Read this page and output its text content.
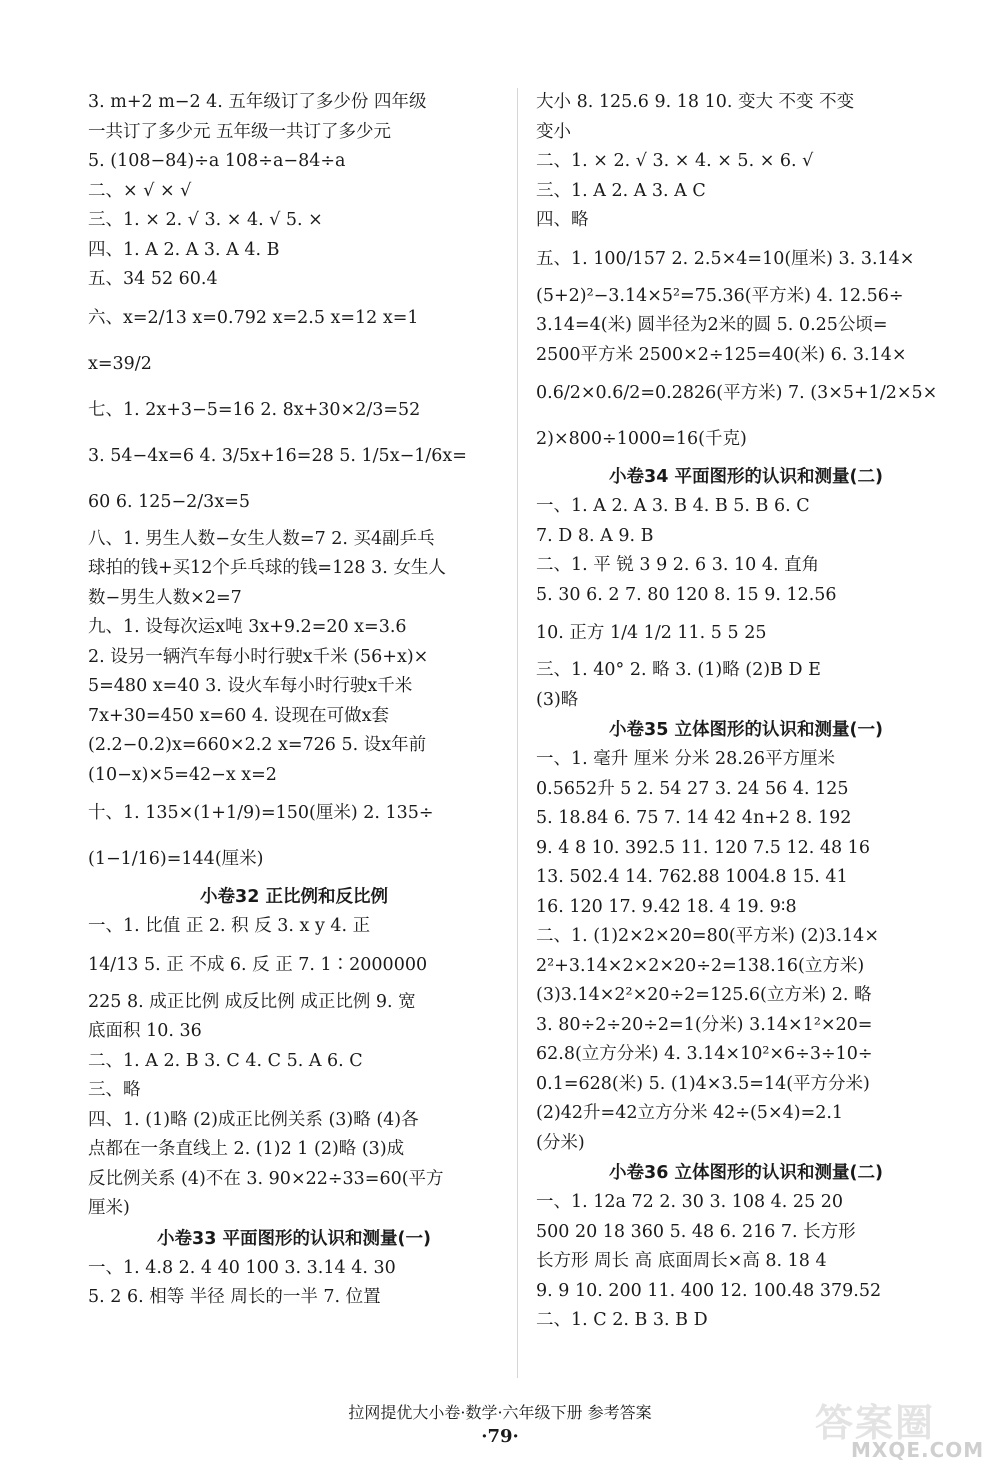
3. m+2 m−2 4. 五年级订了多少份 四年级
一共订了多少元 五年级一共订了多少元
5. (108−84)÷a 108÷a−84÷a
二、× √ × √
三、1. × 2. √ 3. × 4. √ 5. ×
四、1. A 2. A 3. A 4. B
五、34 52 60.4
六、x=2/13 x=0.792 x=2.5 x=12 x=1
x=39/2
七、1. 2x+3−5=16 2. 8x+30×2/3=52
3. 54−4x=6 4. 3/5x+16=28 5. 1/5x−1/6x=
60 6. 125−2/3x=5
八、1. 男生人数−女生人数=7 2. 买4副乒乓
球拍的钱+买12个乒乓球的钱=128 3. 女生人
数−男生人数×2=7
九、1. 设每次运x吨 3x+9.2=20 x=3.6
2. 设另一辆汽车每小时行驶x千米 (56+x)×
5=480 x=40 3. 设火车每小时行驶x千米
7x+30=450 x=60 4. 设现在可做x套
(2.2−0.2)x=660×2.2 x=726 5. 设x年前
(10−x)×5=42−x x=2
十、1. 135×(1+1/9)=150(厘米) 2. 135÷
(1−1/16)=144(厘米)
小卷32 正比例和反比例
一、1. 比值 正 2. 积 反 3. x y 4. 正
14/13 5. 正 不成 6. 反 正 7. 1∶2000000
225 8. 成正比例 成反比例 成正比例 9. 宽
底面积 10. 36
二、1. A 2. B 3. C 4. C 5. A 6. C
三、略
四、1. (1)略 (2)成正比例关系 (3)略 (4)各
点都在一条直线上 2. (1)2 1 (2)略 (3)成
反比例关系 (4)不在 3. 90×22÷33=60(平方
厘米)
小卷33 平面图形的认识和测量(一)
一、1. 4.8 2. 4 40 100 3. 3.14 4. 30
5. 2 6. 相等 半径 周长的一半 7. 位置
大小 8. 125.6 9. 18 10. 变大 不变 不变
变小
二、1. × 2. √ 3. × 4. × 5. × 6. √
三、1. A 2. A 3. A C
四、略
五、1. 100/157 2. 2.5×4=10(厘米) 3. 3.14×
(5+2)²−3.14×5²=75.36(平方米) 4. 12.56÷
3.14=4(米) 圆半径为2米的圆 5. 0.25公顷=
2500平方米 2500×2÷125=40(米) 6. 3.14×
0.6/2×0.6/2=0.2826(平方米) 7. (3×5+1/2×5×
2)×800÷1000=16(千克)
小卷34 平面图形的认识和测量(二)
一、1. A 2. A 3. B 4. B 5. B 6. C
7. D 8. A 9. B
二、1. 平 锐 3 9 2. 6 3. 10 4. 直角
5. 30 6. 2 7. 80 120 8. 15 9. 12.56
10. 正方 1/4 1/2 11. 5 5 25
三、1. 40° 2. 略 3. (1)略 (2)B D E
(3)略
小卷35 立体图形的认识和测量(一)
一、1. 毫升 厘米 分米 28.26平方厘米
0.5652升 5 2. 54 27 3. 24 56 4. 125
5. 18.84 6. 75 7. 14 42 4n+2 8. 192
9. 4 8 10. 392.5 11. 120 7.5 12. 48 16
13. 502.4 14. 762.88 1004.8 15. 41
16. 120 17. 9.42 18. 4 19. 9∶8
二、1. (1)2×2×20=80(平方米) (2)3.14×
2²+3.14×2×2×20÷2=138.16(立方米)
(3)3.14×2²×20÷2=125.6(立方米) 2. 略
3. 80÷2÷20÷2=1(分米) 3.14×1²×20=
62.8(立方分米) 4. 3.14×10²×6÷3÷10÷
0.1=628(米) 5. (1)4×3.5=14(平方分米)
(2)42升=42立方分米 42÷(5×4)=2.1
(分米)
小卷36 立体图形的认识和测量(二)
一、1. 12a 72 2. 30 3. 108 4. 25 20
500 20 18 360 5. 48 6. 216 7. 长方形
长方形 周长 高 底面周长×高 8. 18 4
9. 9 10. 200 11. 400 12. 100.48 379.52
二、1. C 2. B 3. B D
拉网提优大小卷·数学·六年级下册 参考答案
·79·	答案圈
MXQE.COM
